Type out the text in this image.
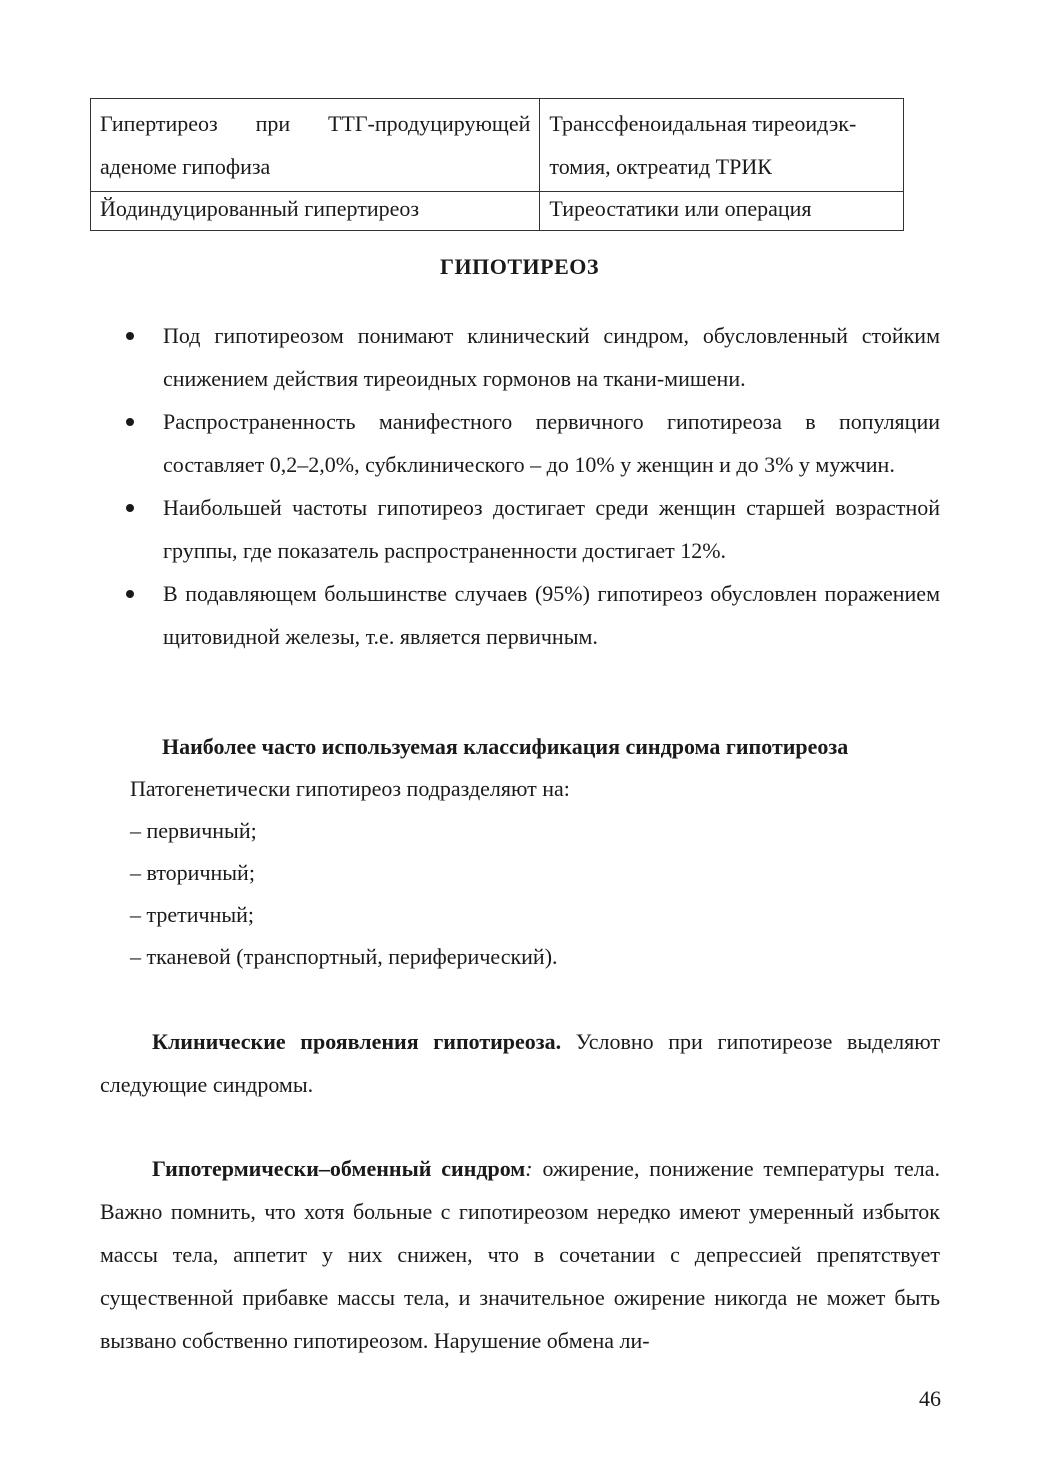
Гипертиреоз при ТТГ-продуцирующей аденоме гипофиза	Транссфеноидальная тиреоидэк-томия, октреатид ТРИК
Йодиндуцированный гипертиреоз	Тиреостатики или операция
ГИПОТИРЕОЗ
Под гипотиреозом понимают клинический синдром, обусловленный стойким снижением действия тиреоидных гормонов на ткани-мишени.
Распространенность манифестного первичного гипотиреоза в популяции составляет 0,2–2,0%, субклинического – до 10% у женщин и до 3% у мужчин.
Наибольшей частоты гипотиреоз достигает среди женщин старшей возрастной группы, где показатель распространенности достигает 12%.
В подавляющем большинстве случаев (95%) гипотиреоз обусловлен поражением щитовидной железы, т.е. является первичным.
Наиболее часто используемая классификация синдрома гипотиреоза
Патогенетически гипотиреоз подразделяют на:
– первичный;
– вторичный;
– третичный;
– тканевой (транспортный, периферический).
Клинические проявления гипотиреоза. Условно при гипотиреозе выделяют следующие синдромы.
Гипотермически–обменный синдром: ожирение, понижение температуры тела. Важно помнить, что хотя больные с гипотиреозом нередко имеют умеренный избыток массы тела, аппетит у них снижен, что в сочетании с депрессией препятствует существенной прибавке массы тела, и значительное ожирение никогда не может быть вызвано собственно гипотиреозом. Нарушение обмена ли-
46
